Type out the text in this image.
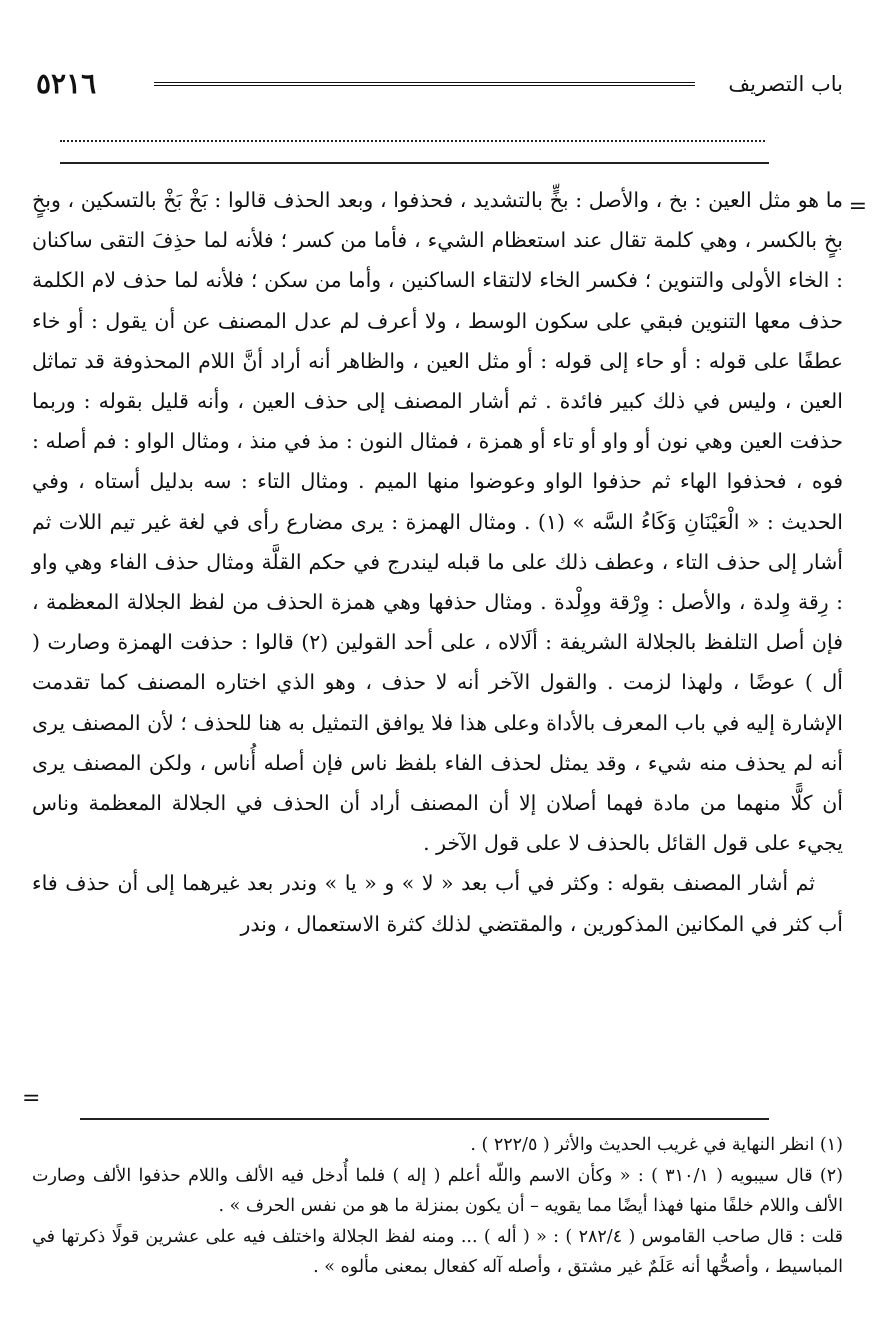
٥٢١٦	باب التصريف
=

ما هو مثل العين : بخ ، والأصل : بخٍّ بالتشديد ، فحذفوا ، وبعد الحذف قالوا : بَخْ بَخْ بالتسكين ، وبخٍ بخٍ بالكسر ، وهي كلمة تقال عند استعظام الشيء ، فأما من كسر ؛ فلأنه لما حذِفَ التقى ساكنان : الخاء الأولى والتنوين ؛ فكسر الخاء لالتقاء الساكنين ، وأما من سكن ؛ فلأنه لما حذف لام الكلمة حذف معها التنوين فبقي على سكون الوسط ، ولا أعرف لم عدل المصنف عن أن يقول : أو خاء عطفًا على قوله : أو حاء إلى قوله : أو مثل العين ، والظاهر أنه أراد أنَّ اللام المحذوفة قد تماثل العين ، وليس في ذلك كبير فائدة . ثم أشار المصنف إلى حذف العين ، وأنه قليل بقوله : وربما حذفت العين وهي نون أو واو أو تاء أو همزة ، فمثال النون : مذ في منذ ، ومثال الواو : فم أصله : فوه ، فحذفوا الهاء ثم حذفوا الواو وعوضوا منها الميم . ومثال التاء : سه بدليل أستاه ، وفي الحديث : « الْعَيْنَانِ وَكَاءُ السَّه » (١) . ومثال الهمزة : يرى مضارع رأى في لغة غير تيم اللات ثم أشار إلى حذف التاء ، وعطف ذلك على ما قبله ليندرج في حكم القلَّة ومثال حذف الفاء وهي واو : رِقة وِلدة ، والأصل : وِرْقة ووِلْدة . ومثال حذفها وهي همزة الحذف من لفظ الجلالة المعظمة ، فإن أصل التلفظ بالجلالة الشريفة : ألَالاه ، على أحد القولين (٢) قالوا : حذفت الهمزة وصارت ( أل ) عوضًا ، ولهذا لزمت . والقول الآخر أنه لا حذف ، وهو الذي اختاره المصنف كما تقدمت الإشارة إليه في باب المعرف بالأداة وعلى هذا فلا يوافق التمثيل به هنا للحذف ؛ لأن المصنف يرى أنه لم يحذف منه شيء ، وقد يمثل لحذف الفاء بلفظ ناس فإن أصله أُناس ، ولكن المصنف يرى أن كلًّا منهما من مادة فهما أصلان إلا أن المصنف أراد أن الحذف في الجلالة المعظمة وناس يجيء على قول القائل بالحذف لا على قول الآخر .

ثم أشار المصنف بقوله : وكثر في أب بعد « لا » و « يا » وندر بعد غيرهما إلى أن حذف فاء أب كثر في المكانين المذكورين ، والمقتضي لذلك كثرة الاستعمال ، وندر

=

(١) انظر النهاية في غريب الحديث والأثر ( ٢٢٢/٥ ) .

(٢) قال سيبويه ( ٣١٠/١ ) : « وكأن الاسم واللّه أعلم ( إله ) فلما أُدخل فيه الألف واللام حذفوا الألف وصارت الألف واللام خلفًا منها فهذا أيضًا مما يقويه – أن يكون بمنزلة ما هو من نفس الحرف » .

قلت : قال صاحب القاموس ( ٢٨٢/٤ ) : « ( أله ) ... ومنه لفظ الجلالة واختلف فيه على عشرين قولًا ذكرتها في المباسيط ، وأصحُّها أنه عَلَمٌ غير مشتق ، وأصله آله كفعال بمعنى مألوه » .
